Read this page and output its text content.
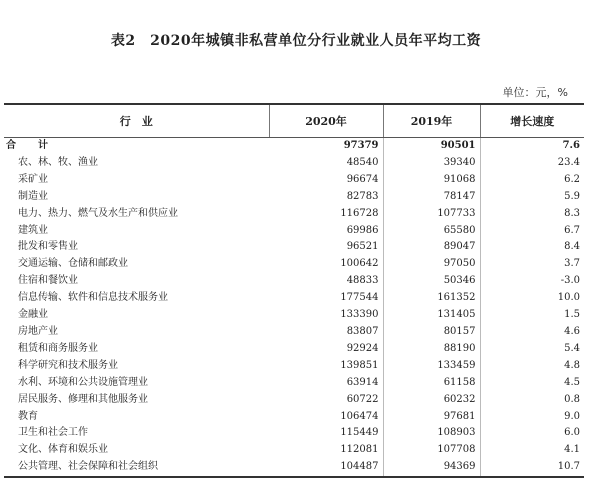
表2　2020年城镇非私营单位分行业就业人员年平均工资
单位：元，%
行　业	2020年	2019年	增长速度
合　计	97379	90501	7.6
农、林、牧、渔业	48540	39340	23.4
采矿业	96674	91068	6.2
制造业	82783	78147	5.9
电力、热力、燃气及水生产和供应业	116728	107733	8.3
建筑业	69986	65580	6.7
批发和零售业	96521	89047	8.4
交通运输、仓储和邮政业	100642	97050	3.7
住宿和餐饮业	48833	50346	-3.0
信息传输、软件和信息技术服务业	177544	161352	10.0
金融业	133390	131405	1.5
房地产业	83807	80157	4.6
租赁和商务服务业	92924	88190	5.4
科学研究和技术服务业	139851	133459	4.8
水利、环境和公共设施管理业	63914	61158	4.5
居民服务、修理和其他服务业	60722	60232	0.8
教育	106474	97681	9.0
卫生和社会工作	115449	108903	6.0
文化、体育和娱乐业	112081	107708	4.1
公共管理、社会保障和社会组织	104487	94369	10.7
